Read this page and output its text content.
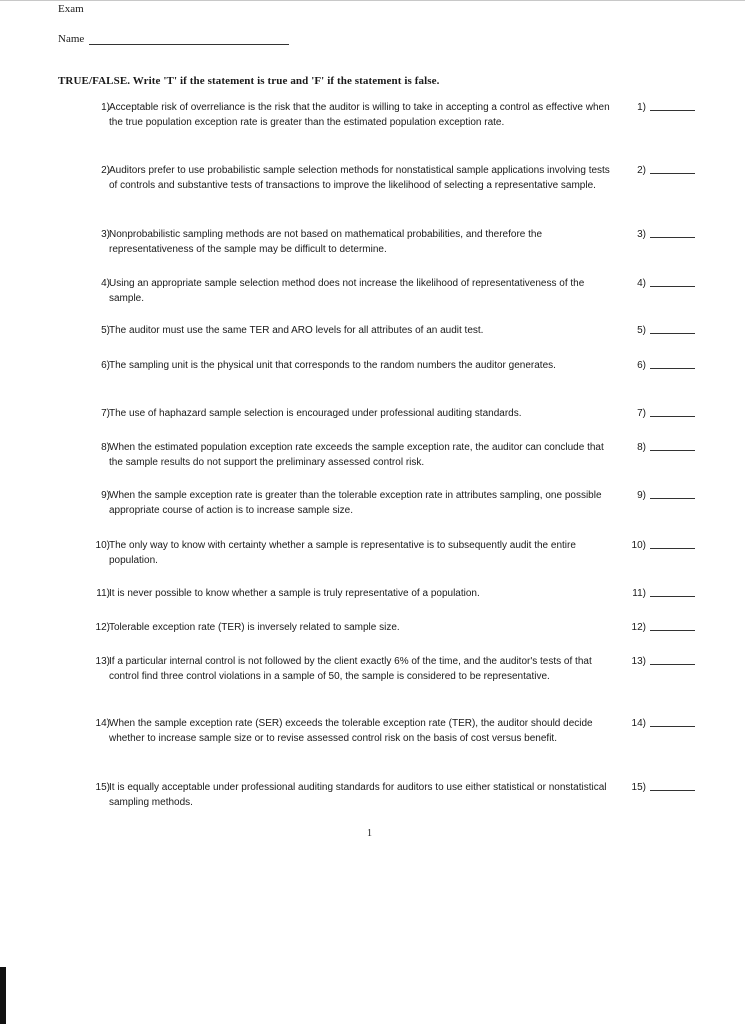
Exam
Name
TRUE/FALSE. Write 'T' if the statement is true and 'F' if the statement is false.
1) Acceptable risk of overreliance is the risk that the auditor is willing to take in accepting a control as effective when the true population exception rate is greater than the estimated population exception rate.
1)
2) Auditors prefer to use probabilistic sample selection methods for nonstatistical sample applications involving tests of controls and substantive tests of transactions to improve the likelihood of selecting a representative sample.
2)
3) Nonprobabilistic sampling methods are not based on mathematical probabilities, and therefore the representativeness of the sample may be difficult to determine.
3)
4) Using an appropriate sample selection method does not increase the likelihood of representativeness of the sample.
4)
5) The auditor must use the same TER and ARO levels for all attributes of an audit test.	5)
6) The sampling unit is the physical unit that corresponds to the random numbers the auditor generates.	6)
7) The use of haphazard sample selection is encouraged under professional auditing standards.	7)
8) When the estimated population exception rate exceeds the sample exception rate, the auditor can conclude that the sample results do not support the preliminary assessed control risk.
8)
9) When the sample exception rate is greater than the tolerable exception rate in attributes sampling, one possible appropriate course of action is to increase sample size.
9)
10) The only way to know with certainty whether a sample is representative is to subsequently audit the entire population.
10)
11) It is never possible to know whether a sample is truly representative of a population.	11)
12) Tolerable exception rate (TER) is inversely related to sample size.	12)
13) If a particular internal control is not followed by the client exactly 6% of the time, and the auditor's tests of that control find three control violations in a sample of 50, the sample is considered to be representative.
13)
14) When the sample exception rate (SER) exceeds the tolerable exception rate (TER), the auditor should decide whether to increase sample size or to revise assessed control risk on the basis of cost versus benefit.
14)
15) It is equally acceptable under professional auditing standards for auditors to use either statistical or nonstatistical sampling methods.
15)
1
